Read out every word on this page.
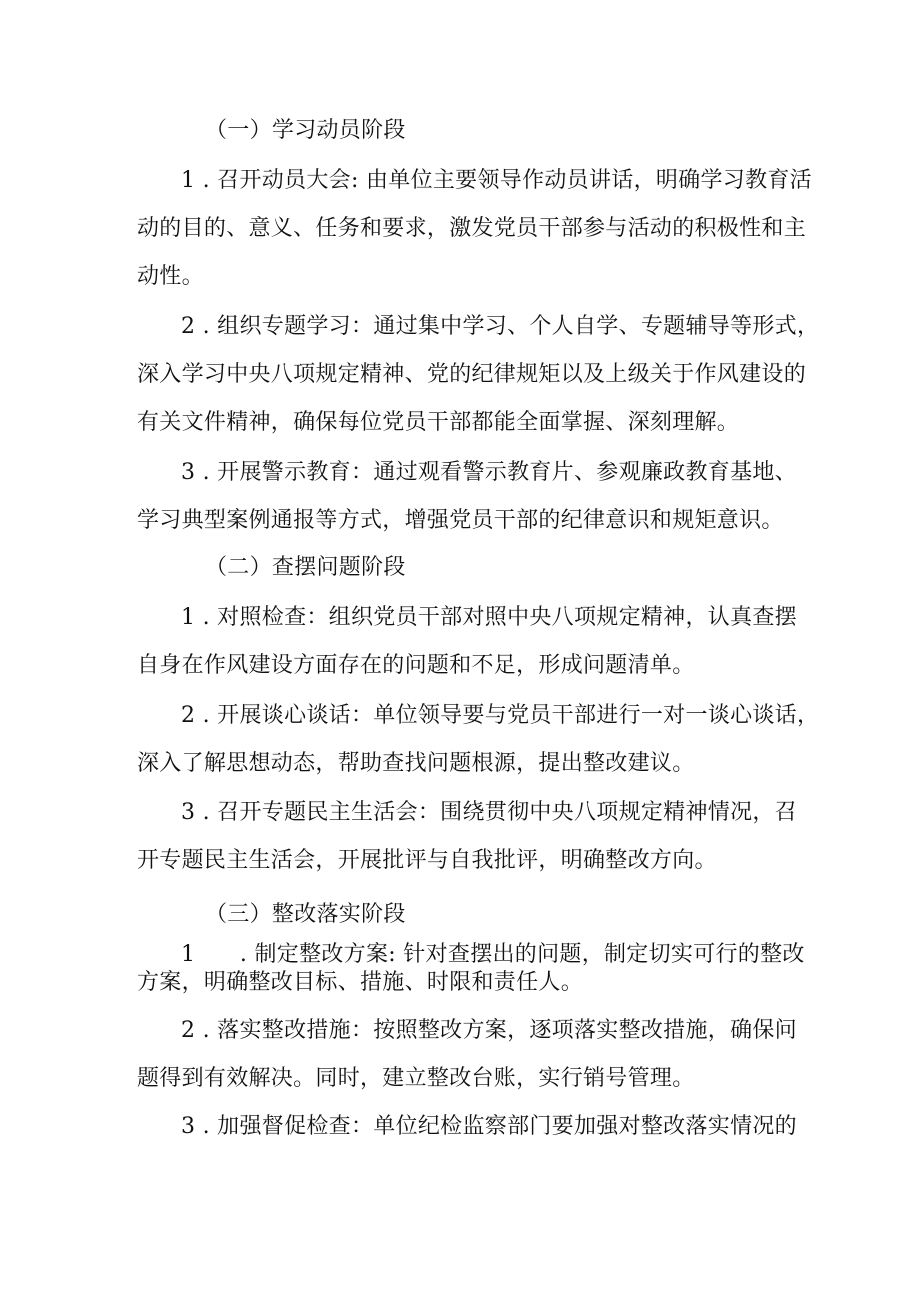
（一）学习动员阶段
1 . 召开动员大会: 由单位主要领导作动员讲话，明确学习教育活
动的目的、意义、任务和要求，激发党员干部参与活动的积极性和主
动性。
2 . 组织专题学习：通过集中学习、个人自学、专题辅导等形式，
深入学习中央八项规定精神、党的纪律规矩以及上级关于作风建设的
有关文件精神，确保每位党员干部都能全面掌握、深刻理解。
3 . 开展警示教育：通过观看警示教育片、参观廉政教育基地、
学习典型案例通报等方式，增强党员干部的纪律意识和规矩意识。
（二）查摆问题阶段
1 . 对照检查：组织党员干部对照中央八项规定精神，认真查摆
自身在作风建设方面存在的问题和不足，形成问题清单。
2 . 开展谈心谈话：单位领导要与党员干部进行一对一谈心谈话，
深入了解思想动态，帮助查找问题根源，提出整改建议。
3 . 召开专题民主生活会：围绕贯彻中央八项规定精神情况，召
开专题民主生活会，开展批评与自我批评，明确整改方向。
（三）整改落实阶段
1　　. 制定整改方案: 针对查摆出的问题，制定切实可行的整改
方案，明确整改目标、措施、时限和责任人。
2 . 落实整改措施：按照整改方案，逐项落实整改措施，确保问
题得到有效解决。同时，建立整改台账，实行销号管理。
3 . 加强督促检查：单位纪检监察部门要加强对整改落实情况的
